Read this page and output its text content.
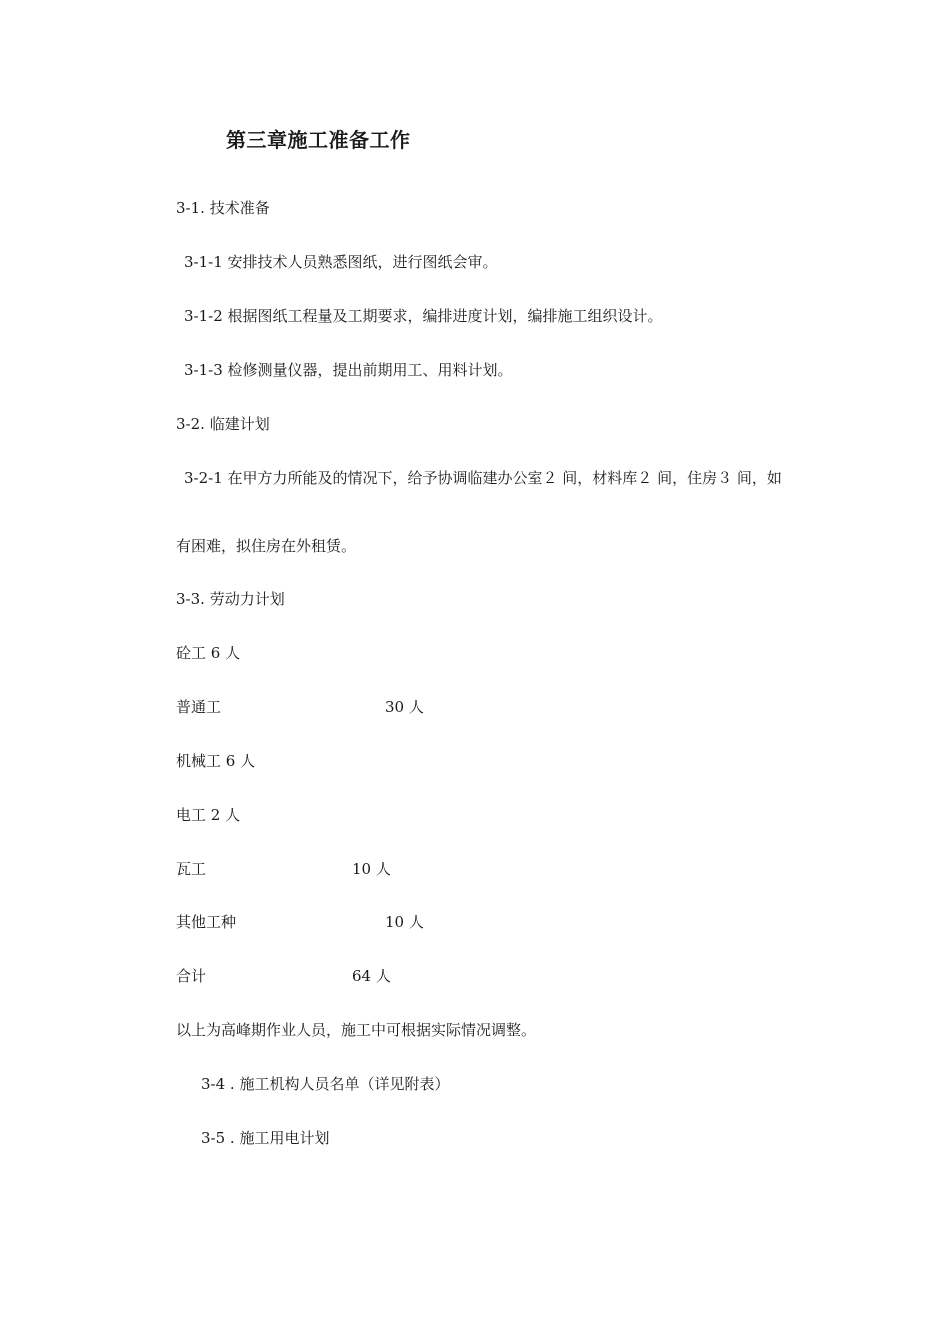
第三章施工准备工作
3-1. 技术准备
3-1-1 安排技术人员熟悉图纸，进行图纸会审。
3-1-2 根据图纸工程量及工期要求，编排进度计划，编排施工组织设计。
3-1-3 检修测量仪器，提出前期用工、用料计划。
3-2. 临建计划
3-2-1 在甲方力所能及的情况下，给予协调临建办公室２ 间，材料库２ 间，住房３ 间，如
有困难，拟住房在外租赁。
3-3. 劳动力计划
砼工 6 人
普通工	30 人
机械工 6 人
电工 2 人
瓦工	10 人
其他工种	10 人
合计	64 人
以上为高峰期作业人员，施工中可根据实际情况调整。
3-4 . 施工机构人员名单（详见附表）
3-5 . 施工用电计划
